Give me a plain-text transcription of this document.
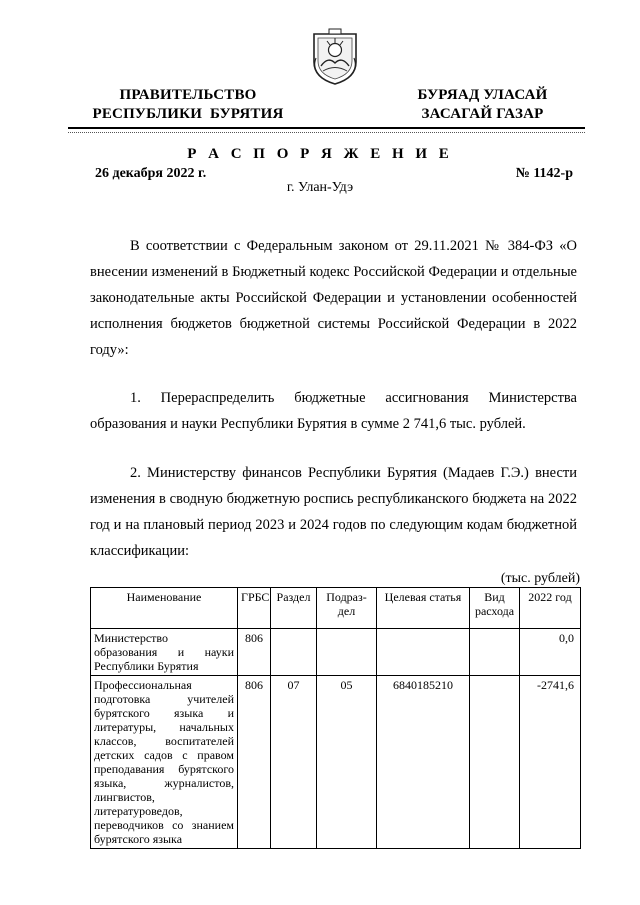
ПРАВИТЕЛЬСТВО
РЕСПУБЛИКИ  БУРЯТИЯ
БУРЯАД УЛАСАЙ
ЗАСАГАЙ ГАЗАР
Р А С П О Р Я Ж Е Н И Е
26 декабря 2022 г.	№ 1142-р
г. Улан-Удэ
В соответствии с Федеральным законом от 29.11.2021 № 384-ФЗ «О внесении изменений в Бюджетный кодекс Российской Федерации и отдельные законодательные акты Российской Федерации и установлении особенностей исполнения бюджетов бюджетной системы Российской Федерации в 2022 году»:
1. Перераспределить бюджетные ассигнования Министерства образования и науки Республики Бурятия в сумме 2 741,6 тыс. рублей.
2. Министерству финансов Республики Бурятия (Мадаев Г.Э.) внести изменения в сводную бюджетную роспись республиканского бюджета на 2022 год и на плановый период 2023 и 2024 годов по следующим кодам бюджетной классификации:
(тыс. рублей)
Наименование	ГРБС	Раздел	Подраз-дел	Целевая статья	Вид расхода	2022 год
Министерство образования и науки Республики Бурятия	806					0,0
Профессиональная подготовка учителей бурятского языка и литературы, начальных классов, воспитателей детских садов с правом преподавания бурятского языка, журналистов, лингвистов, литературоведов, переводчиков со знанием бурятского языка	806	07	05	6840185210		-2741,6
